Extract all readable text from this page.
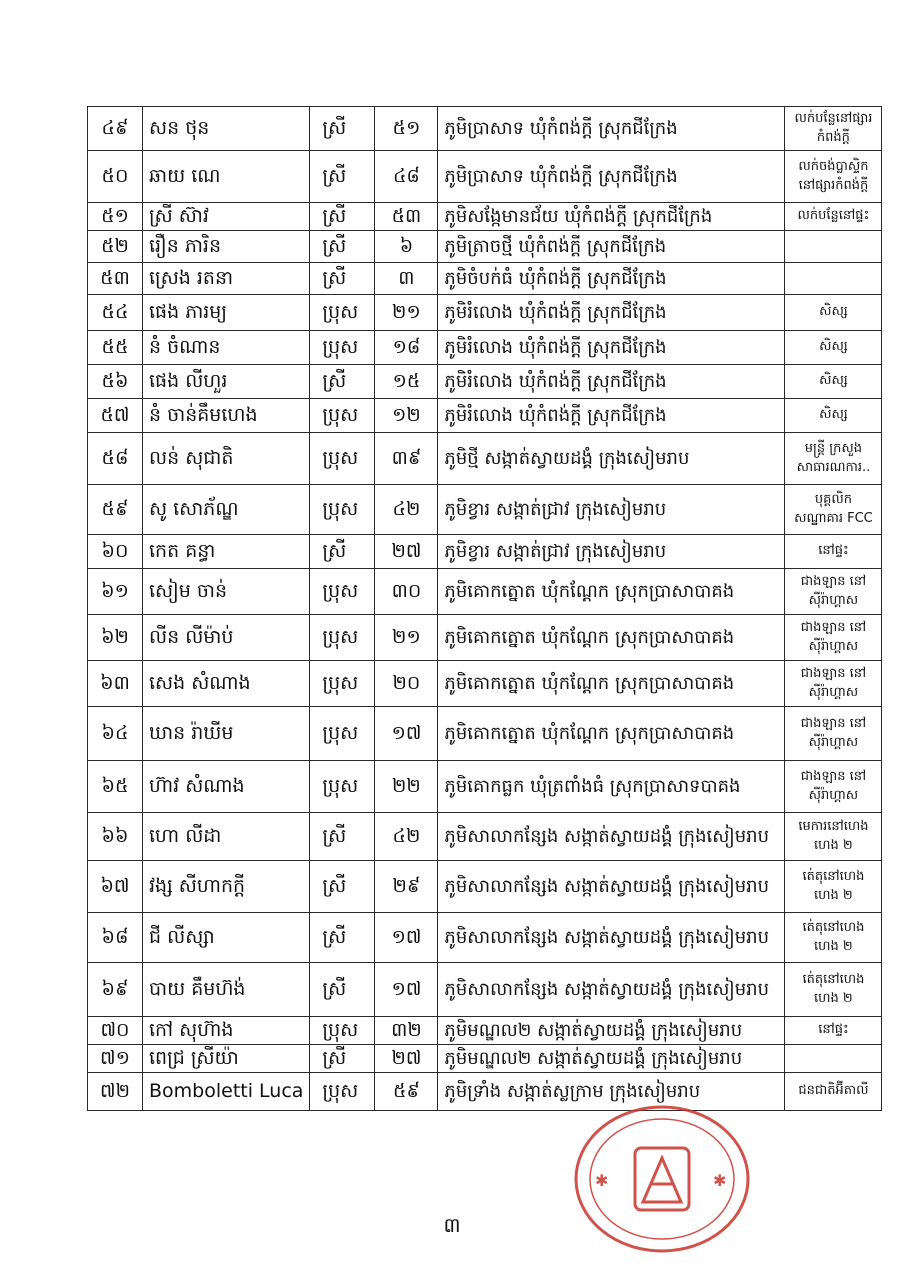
៤៩	សន ថុន	ស្រី	៥១	ភូមិប្រាសាទ ឃុំកំពង់ក្តី ស្រុកជីក្រែង	លក់បន្លែនៅផ្សារកំពង់ក្តី
៥០	ឆាយ ណេ	ស្រី	៤៨	ភូមិប្រាសាទ ឃុំកំពង់ក្តី ស្រុកជីក្រែង	លក់ចង់ប្លាស្ទិកនៅផ្សារកំពង់ក្តី
៥១	ស្រី ស៊ាវ	ស្រី	៥៣	ភូមិសង្កែមានជ័យ ឃុំកំពង់ក្តី ស្រុកជីក្រែង	លក់បន្លែនៅផ្ទះ
៥២	រឿន ភារិន	ស្រី	៦	ភូមិត្រាចថ្មី ឃុំកំពង់ក្តី ស្រុកជីក្រែង	
៥៣	ស្រេង រតនា	ស្រី	៣	ភូមិចំបក់ធំ ឃុំកំពង់ក្តី ស្រុកជីក្រែង	
៥៤	ផេង ភារម្យ	ប្រុស	២១	ភូមិរំលោង ឃុំកំពង់ក្តី ស្រុកជីក្រែង	សិស្ស
៥៥	នំ ចំណាន	ប្រុស	១៨	ភូមិរំលោង ឃុំកំពង់ក្តី ស្រុកជីក្រែង	សិស្ស
៥៦	ផេង លីហួរ	ស្រី	១៥	ភូមិរំលោង ឃុំកំពង់ក្តី ស្រុកជីក្រែង	សិស្ស
៥៧	នំ ចាន់គឹមហេង	ប្រុស	១២	ភូមិរំលោង ឃុំកំពង់ក្តី ស្រុកជីក្រែង	សិស្ស
៥៨	លន់ សុជាតិ	ប្រុស	៣៩	ភូមិថ្មី សង្កាត់ស្វាយដង្គំ ក្រុងសៀមរាប	មន្ត្រី ក្រសួងសាធារណការ..
៥៩	សូ សោភ័ណ្ឌ	ប្រុស	៤២	ភូមិខ្វារ សង្កាត់ជ្រាវ ក្រុងសៀមរាប	បុគ្គលិកសណ្ឋាគារ FCC
៦០	កេត គន្ធា	ស្រី	២៧	ភូមិខ្វារ សង្កាត់ជ្រាវ ក្រុងសៀមរាប	នៅផ្ទះ
៦១	សៀម ចាន់	ប្រុស	៣០	ភូមិគោកត្នោត ឃុំកណ្តែក ស្រុកប្រាសាបាគង	ជាងឡាន នៅស៊ីរ៉ាហ្គាស
៦២	លីន លីម៉ាប់	ប្រុស	២១	ភូមិគោកត្នោត ឃុំកណ្តែក ស្រុកប្រាសាបាគង	ជាងឡាន នៅស៊ីរ៉ាហ្គាស
៦៣	សេង សំណាង	ប្រុស	២០	ភូមិគោកត្នោត ឃុំកណ្តែក ស្រុកប្រាសាបាគង	ជាងឡាន នៅស៊ីរ៉ាហ្គាស
៦៤	ឃាន រ៉ាឃីម	ប្រុស	១៧	ភូមិគោកត្នោត ឃុំកណ្តែក ស្រុកប្រាសាបាគង	ជាងឡាន នៅស៊ីរ៉ាហ្គាស
៦៥	ហ៊ាវ សំណាង	ប្រុស	២២	ភូមិគោកធ្លក ឃុំត្រពាំងធំ ស្រុកប្រាសាទបាគង	ជាងឡាន នៅស៊ីរ៉ាហ្គាស
៦៦	ហោ លីដា	ស្រី	៤២	ភូមិសាលាកន្សែង សង្កាត់ស្វាយដង្គំ ក្រុងសៀមរាប	មេការនៅហេង ហេង ២
៦៧	វង្ស សីហាកក្តី	ស្រី	២៩	ភូមិសាលាកន្សែង សង្កាត់ស្វាយដង្គំ ក្រុងសៀមរាប	តេ់តុនៅហេង ហេង ២
៦៨	ជី លីស្សា	ស្រី	១៧	ភូមិសាលាកន្សែង សង្កាត់ស្វាយដង្គំ ក្រុងសៀមរាប	តេ់តុនៅហេង ហេង ២
៦៩	បាយ គឹមហ៊ង់	ស្រី	១៧	ភូមិសាលាកន្សែង សង្កាត់ស្វាយដង្គំ ក្រុងសៀមរាប	តេ់តុនៅហេង ហេង ២
៧០	កៅ សុហ៊ាង	ប្រុស	៣២	ភូមិមណ្ឌល២ សង្កាត់ស្វាយដង្គំ ក្រុងសៀមរាប	នៅផ្ទះ
៧១	ពេជ្រ ស្រីយ៉ា	ស្រី	២៧	ភូមិមណ្ឌល២ សង្កាត់ស្វាយដង្គំ ក្រុងសៀមរាប	
៧២	Bomboletti Luca	ប្រុស	៥៩	ភូមិទ្រាំង សង្កាត់ស្លក្រាម ក្រុងសៀមរាប	ជនជាតិអ៊ីតាលី
៣
✱	✱
